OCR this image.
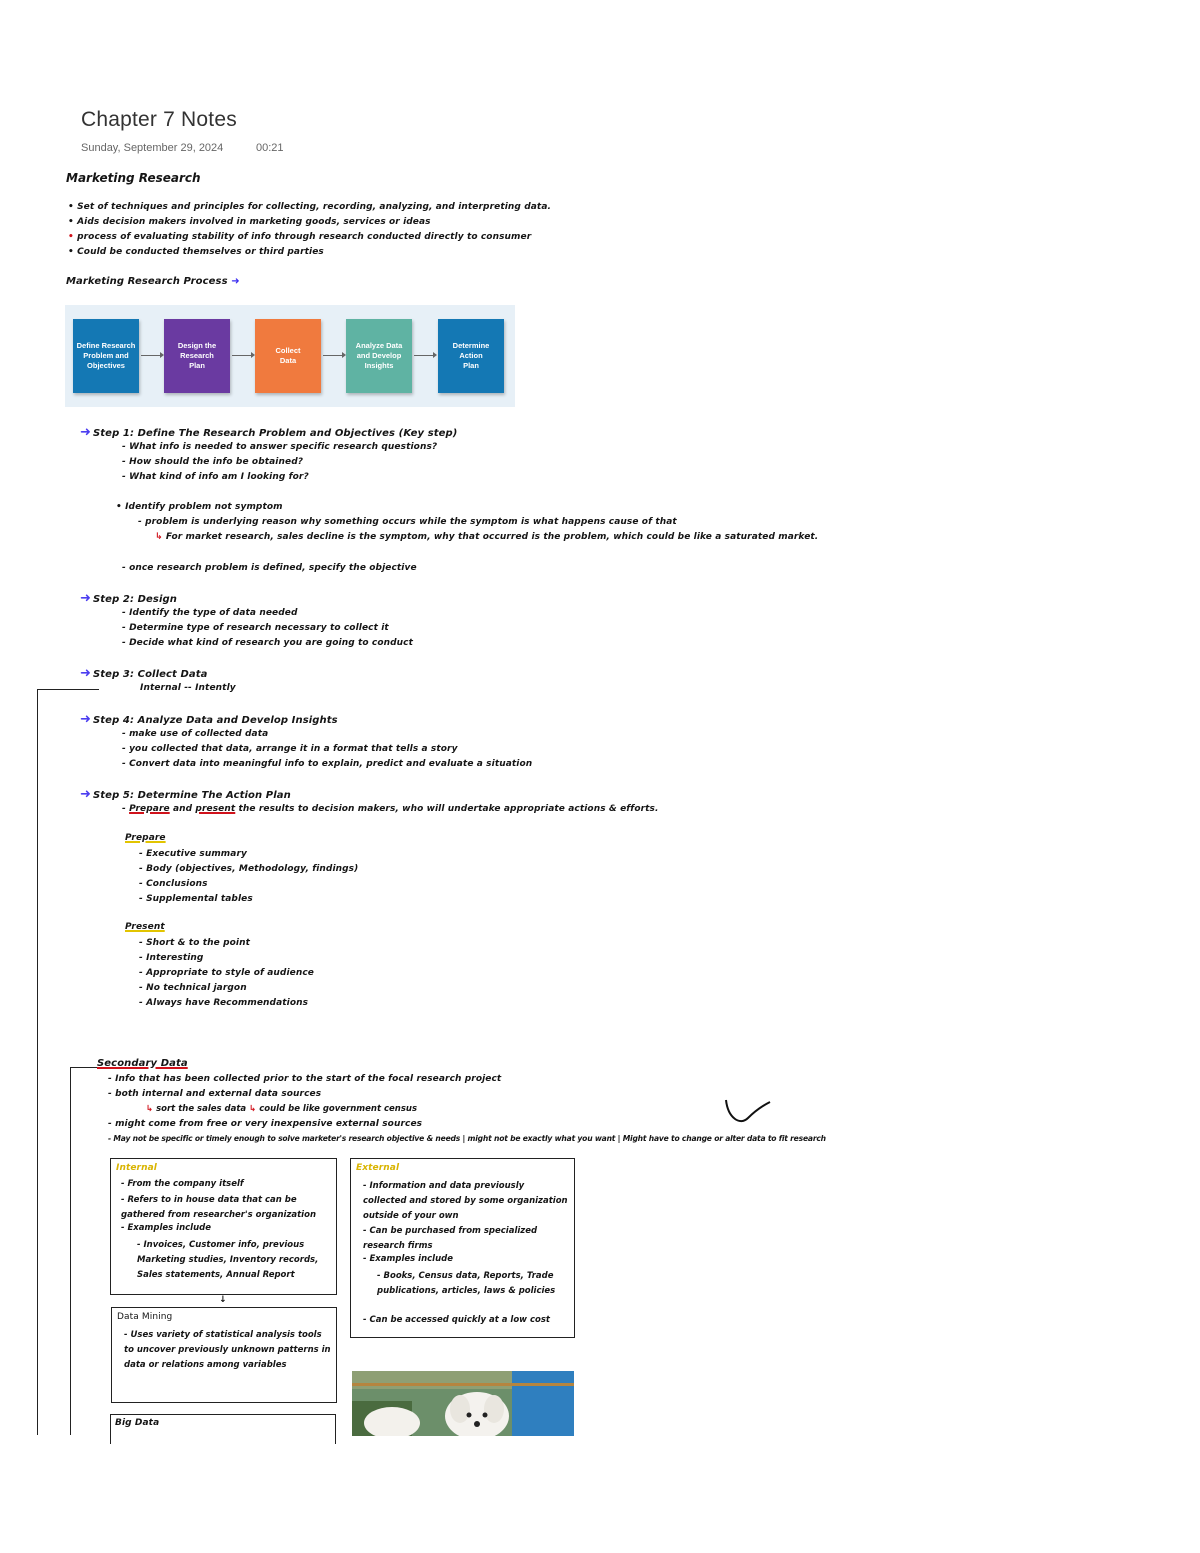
Chapter 7 Notes
Sunday, September 29, 2024	00:21
Marketing Research
• Set of techniques and principles for collecting, recording, analyzing, and interpreting data.
• Aids decision makers involved in marketing goods, services or ideas
• process of evaluating stability of info through research conducted directly to consumer
• Could be conducted themselves or third parties
Marketing Research Process ➜
Define Research
Problem and
Objectives
Design the
Research
Plan
Collect
Data
Analyze Data
and Develop
Insights
Determine
Action
Plan
➜ Step 1: Define The Research Problem and Objectives (Key step)
- What info is needed to answer specific research questions?
- How should the info be obtained?
- What kind of info am I looking for?
• Identify problem not symptom
- problem is underlying reason why something occurs while the symptom is what happens cause of that
↳ For market research, sales decline is the symptom, why that occurred is the problem, which could be like a saturated market.
- once research problem is defined, specify the objective
➜ Step 2: Design
- Identify the type of data needed
- Determine type of research necessary to collect it
- Decide what kind of research you are going to conduct
➜ Step 3: Collect Data
Internal -- Intently
➜ Step 4: Analyze Data and Develop Insights
- make use of collected data
- you collected that data, arrange it in a format that tells a story
- Convert data into meaningful info to explain, predict and evaluate a situation
➜ Step 5: Determine The Action Plan
- Prepare and present the results to decision makers, who will undertake appropriate actions & efforts.
Prepare
- Executive summary
- Body (objectives, Methodology, findings)
- Conclusions
- Supplemental tables
Present
- Short & to the point
- Interesting
- Appropriate to style of audience
- No technical jargon
- Always have Recommendations
Secondary Data
- Info that has been collected prior to the start of the focal research project
- both internal and external data sources
↳ sort the sales data ↳ could be like government census
- might come from free or very inexpensive external sources
- May not be specific or timely enough to solve marketer's research objective & needs | might not be exactly what you want | Might have to change or alter data to fit research
Internal
- From the company itself
- Refers to in house data that can be gathered from researcher's organization
- Examples include
- Invoices, Customer info, previous Marketing studies, Inventory records, Sales statements, Annual Report
↓
External
- Information and data previously collected and stored by some organization outside of your own
- Can be purchased from specialized research firms
- Examples include
- Books, Census data, Reports, Trade publications, articles, laws & policies
- Can be accessed quickly at a low cost
Data Mining
- Uses variety of statistical analysis tools to uncover previously unknown patterns in data or relations among variables
Big Data
